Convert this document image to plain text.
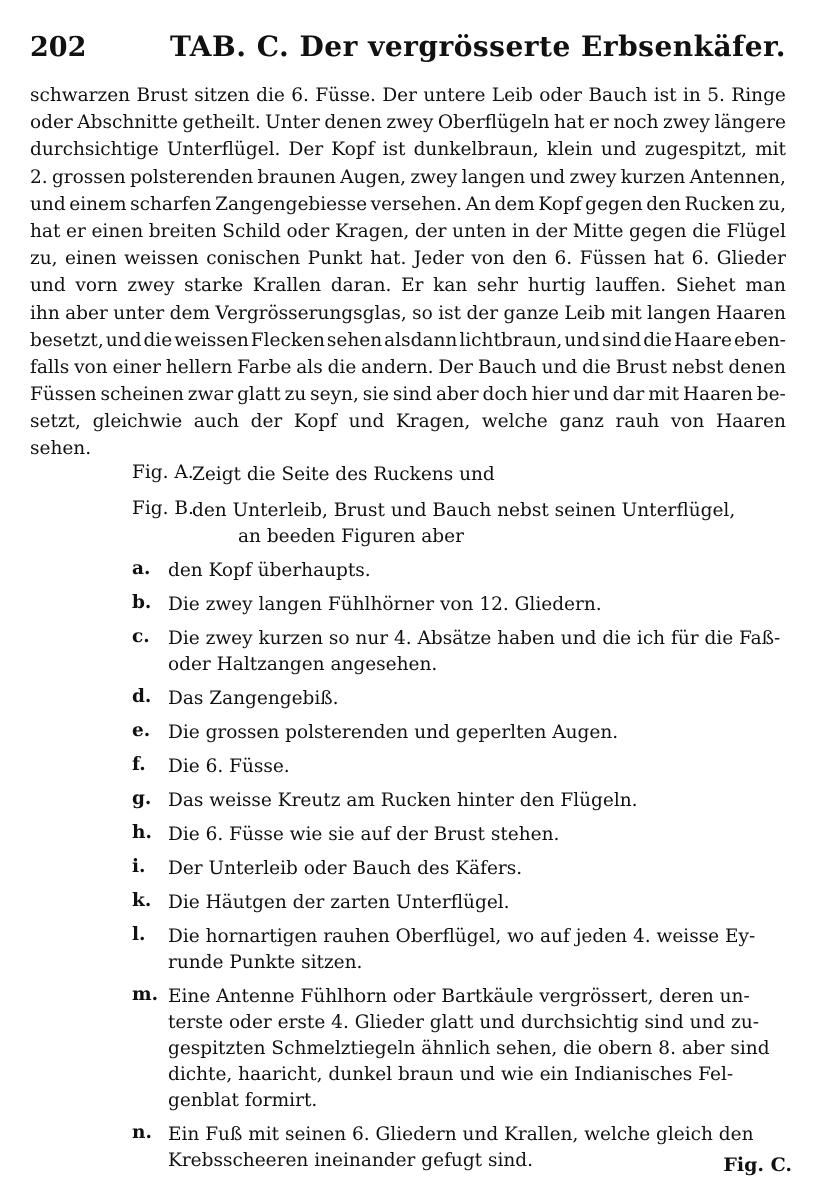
202	TAB. C. Der vergrösserte Erbsenkäfer.
schwarzen Brust sitzen die 6. Füsse. Der untere Leib oder Bauch ist in 5. Ringe
oder Abschnitte getheilt. Unter denen zwey Oberflügeln hat er noch zwey längere
durchsichtige Unterflügel. Der Kopf ist dunkelbraun, klein und zugespitzt, mit
2. grossen polsterenden braunen Augen, zwey langen und zwey kurzen Antennen,
und einem scharfen Zangengebiesse versehen. An dem Kopf gegen den Rucken zu,
hat er einen breiten Schild oder Kragen, der unten in der Mitte gegen die Flügel
zu, einen weissen conischen Punkt hat. Jeder von den 6. Füssen hat 6. Glieder
und vorn zwey starke Krallen daran. Er kan sehr hurtig lauffen. Siehet man
ihn aber unter dem Vergrösserungsglas, so ist der ganze Leib mit langen Haaren
besetzt, und die weissen Flecken sehen alsdann lichtbraun, und sind die Haare eben-
falls von einer hellern Farbe als die andern. Der Bauch und die Brust nebst denen
Füssen scheinen zwar glatt zu seyn, sie sind aber doch hier und dar mit Haaren be-
setzt, gleichwie auch der Kopf und Kragen, welche ganz rauh von Haaren
sehen.
Fig. A.
Zeigt die Seite des Ruckens und
Fig. B.
den Unterleib, Brust und Bauch nebst seinen Unterflügel,
an beeden Figuren aber
a. den Kopf überhaupts.
b. Die zwey langen Fühlhörner von 12. Gliedern.
c. Die zwey kurzen so nur 4. Absätze haben und die ich für die Faß-
oder Haltzangen angesehen.
d. Das Zangengebiß.
e. Die grossen polsterenden und geperlten Augen.
f. Die 6. Füsse.
g. Das weisse Kreutz am Rucken hinter den Flügeln.
h. Die 6. Füsse wie sie auf der Brust stehen.
i. Der Unterleib oder Bauch des Käfers.
k. Die Häutgen der zarten Unterflügel.
l. Die hornartigen rauhen Oberflügel, wo auf jeden 4. weisse Ey-
runde Punkte sitzen.
m. Eine Antenne Fühlhorn oder Bartkäule vergrössert, deren un-
terste oder erste 4. Glieder glatt und durchsichtig sind und zu-
gespitzten Schmelztiegeln ähnlich sehen, die obern 8. aber sind
dichte, haaricht, dunkel braun und wie ein Indianisches Fel-
genblat formirt.
n. Ein Fuß mit seinen 6. Gliedern und Krallen, welche gleich den
Krebsscheeren ineinander gefugt sind.	Fig. C.
